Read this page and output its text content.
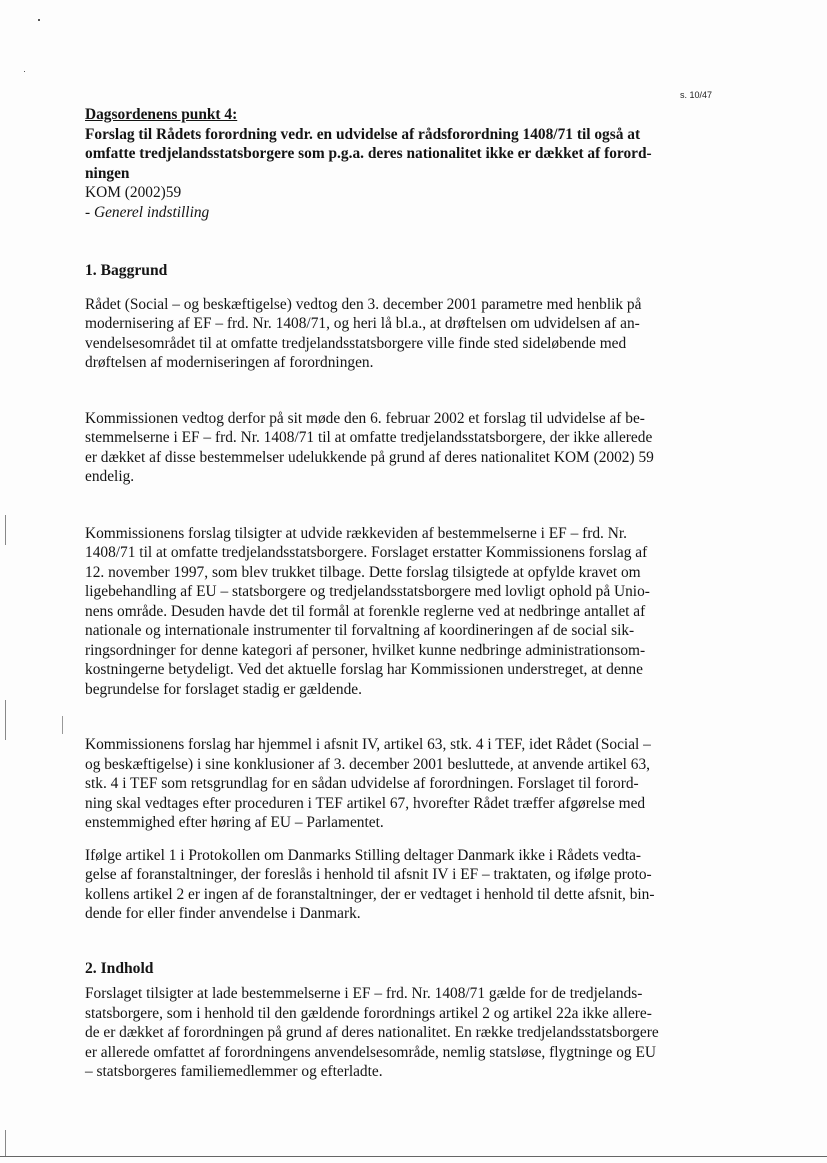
s. 10/47

Dagsordenens punkt 4:

Forslag til Rådets forordning vedr. en udvidelse af rådsforordning 1408/71 til også at
omfatte tredjelandsstatsborgere som p.g.a. deres nationalitet ikke er dækket af forord-
ningen

KOM (2002)59

- Generel indstilling

1. Baggrund

Rådet (Social – og beskæftigelse) vedtog den 3. december 2001 parametre med henblik på
modernisering af EF – frd. Nr. 1408/71, og heri lå bl.a., at drøftelsen om udvidelsen af an-
vendelsesområdet til at omfatte tredjelandsstatsborgere ville finde sted sideløbende med
drøftelsen af moderniseringen af forordningen.

Kommissionen vedtog derfor på sit møde den 6. februar 2002 et forslag til udvidelse af be-
stemmelserne i EF – frd. Nr. 1408/71 til at omfatte tredjelandsstatsborgere, der ikke allerede
er dækket af disse bestemmelser udelukkende på grund af deres nationalitet KOM (2002) 59
endelig.

Kommissionens forslag tilsigter at udvide rækkeviden af bestemmelserne i EF – frd. Nr.
1408/71 til at omfatte tredjelandsstatsborgere. Forslaget erstatter Kommissionens forslag af
12. november 1997, som blev trukket tilbage. Dette forslag tilsigtede at opfylde kravet om
ligebehandling af EU – statsborgere og tredjelandsstatsborgere med lovligt ophold på Unio-
nens område. Desuden havde det til formål at forenkle reglerne ved at nedbringe antallet af
nationale og internationale instrumenter til forvaltning af koordineringen af de social sik-
ringsordninger for denne kategori af personer, hvilket kunne nedbringe administrationsom-
kostningerne betydeligt. Ved det aktuelle forslag har Kommissionen understreget, at denne
begrundelse for forslaget stadig er gældende.

Kommissionens forslag har hjemmel i afsnit IV, artikel 63, stk. 4 i TEF, idet Rådet (Social –
og beskæftigelse) i sine konklusioner af 3. december 2001 besluttede, at anvende artikel 63,
stk. 4 i TEF som retsgrundlag for en sådan udvidelse af forordningen. Forslaget til forord-
ning skal vedtages efter proceduren i TEF artikel 67, hvorefter Rådet træffer afgørelse med
enstemmighed efter høring af EU – Parlamentet.

Ifølge artikel 1 i Protokollen om Danmarks Stilling deltager Danmark ikke i Rådets vedta-
gelse af foranstaltninger, der foreslås i henhold til afsnit IV i EF – traktaten, og ifølge proto-
kollens artikel 2 er ingen af de foranstaltninger, der er vedtaget i henhold til dette afsnit, bin-
dende for eller finder anvendelse i Danmark.

2. Indhold

Forslaget tilsigter at lade bestemmelserne i EF – frd. Nr. 1408/71 gælde for de tredjelands-
statsborgere, som i henhold til den gældende forordnings artikel 2 og artikel 22a ikke allere-
de er dækket af forordningen på grund af deres nationalitet. En række tredjelandsstatsborgere
er allerede omfattet af forordningens anvendelsesområde, nemlig statsløse, flygtninge og EU
– statsborgeres familiemedlemmer og efterladte.
